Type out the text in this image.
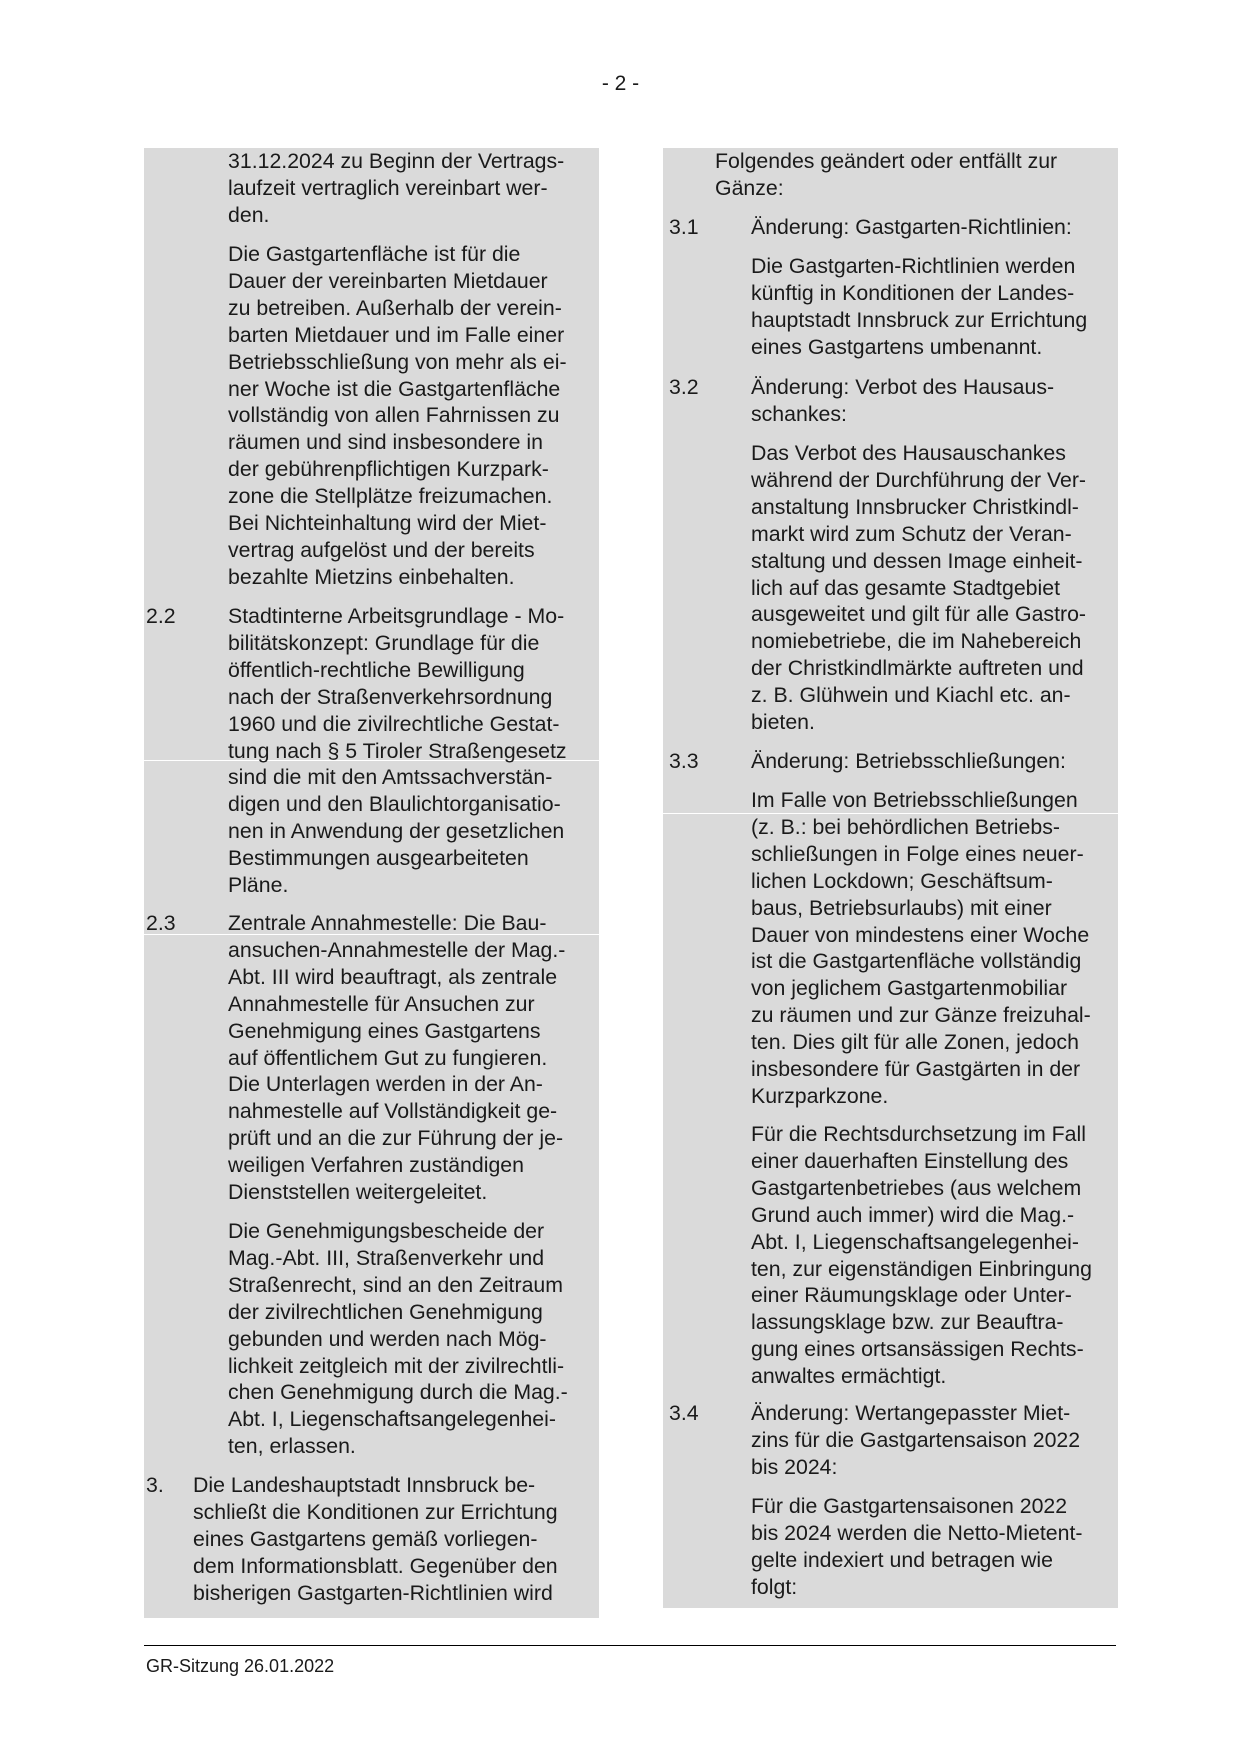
- 2 -
31.12.2024 zu Beginn der Vertrags-
laufzeit vertraglich vereinbart wer-
den.
Die Gastgartenfläche ist für die
Dauer der vereinbarten Mietdauer
zu betreiben. Außerhalb der verein-
barten Mietdauer und im Falle einer
Betriebsschließung von mehr als ei-
ner Woche ist die Gastgartenfläche
vollständig von allen Fahrnissen zu
räumen und sind insbesondere in
der gebührenpflichtigen Kurzpark-
zone die Stellplätze freizumachen.
Bei Nichteinhaltung wird der Miet-
vertrag aufgelöst und der bereits
bezahlte Mietzins einbehalten.
2.2 Stadtinterne Arbeitsgrundlage - Mo-
bilitätskonzept: Grundlage für die
öffentlich-rechtliche Bewilligung
nach der Straßenverkehrsordnung
1960 und die zivilrechtliche Gestat-
tung nach § 5 Tiroler Straßengesetz
sind die mit den Amtssachverstän-
digen und den Blaulichtorganisatio-
nen in Anwendung der gesetzlichen
Bestimmungen ausgearbeiteten
Pläne.
2.3 Zentrale Annahmestelle: Die Bau-
ansuchen-Annahmestelle der Mag.-
Abt. III wird beauftragt, als zentrale
Annahmestelle für Ansuchen zur
Genehmigung eines Gastgartens
auf öffentlichem Gut zu fungieren.
Die Unterlagen werden in der An-
nahmestelle auf Vollständigkeit ge-
prüft und an die zur Führung der je-
weiligen Verfahren zuständigen
Dienststellen weitergeleitet.
Die Genehmigungsbescheide der
Mag.-Abt. III, Straßenverkehr und
Straßenrecht, sind an den Zeitraum
der zivilrechtlichen Genehmigung
gebunden und werden nach Mög-
lichkeit zeitgleich mit der zivilrechtli-
chen Genehmigung durch die Mag.-
Abt. I, Liegenschaftsangelegenhei-
ten, erlassen.
3. Die Landeshauptstadt Innsbruck be-
schließt die Konditionen zur Errichtung
eines Gastgartens gemäß vorliegen-
dem Informationsblatt. Gegenüber den
bisherigen Gastgarten-Richtlinien wird
Folgendes geändert oder entfällt zur
Gänze:
3.1 Änderung: Gastgarten-Richtlinien:
Die Gastgarten-Richtlinien werden
künftig in Konditionen der Landes-
hauptstadt Innsbruck zur Errichtung
eines Gastgartens umbenannt.
3.2 Änderung: Verbot des Hausaus-
schankes:
Das Verbot des Hausauschankes
während der Durchführung der Ver-
anstaltung Innsbrucker Christkindl-
markt wird zum Schutz der Veran-
staltung und dessen Image einheit-
lich auf das gesamte Stadtgebiet
ausgeweitet und gilt für alle Gastro-
nomiebetriebe, die im Nahebereich
der Christkindlmärkte auftreten und
z. B. Glühwein und Kiachl etc. an-
bieten.
3.3 Änderung: Betriebsschließungen:
Im Falle von Betriebsschließungen
(z. B.: bei behördlichen Betriebs-
schließungen in Folge eines neuer-
lichen Lockdown; Geschäftsum-
baus, Betriebsurlaubs) mit einer
Dauer von mindestens einer Woche
ist die Gastgartenfläche vollständig
von jeglichem Gastgartenmobiliar
zu räumen und zur Gänze freizuhal-
ten. Dies gilt für alle Zonen, jedoch
insbesondere für Gastgärten in der
Kurzparkzone.
Für die Rechtsdurchsetzung im Fall
einer dauerhaften Einstellung des
Gastgartenbetriebes (aus welchem
Grund auch immer) wird die Mag.-
Abt. I, Liegenschaftsangelegenhei-
ten, zur eigenständigen Einbringung
einer Räumungsklage oder Unter-
lassungsklage bzw. zur Beauftra-
gung eines ortsansässigen Rechts-
anwaltes ermächtigt.
3.4 Änderung: Wertangepasster Miet-
zins für die Gastgartensaison 2022
bis 2024:
Für die Gastgartensaisonen 2022
bis 2024 werden die Netto-Mietent-
gelte indexiert und betragen wie
folgt:
GR-Sitzung 26.01.2022
